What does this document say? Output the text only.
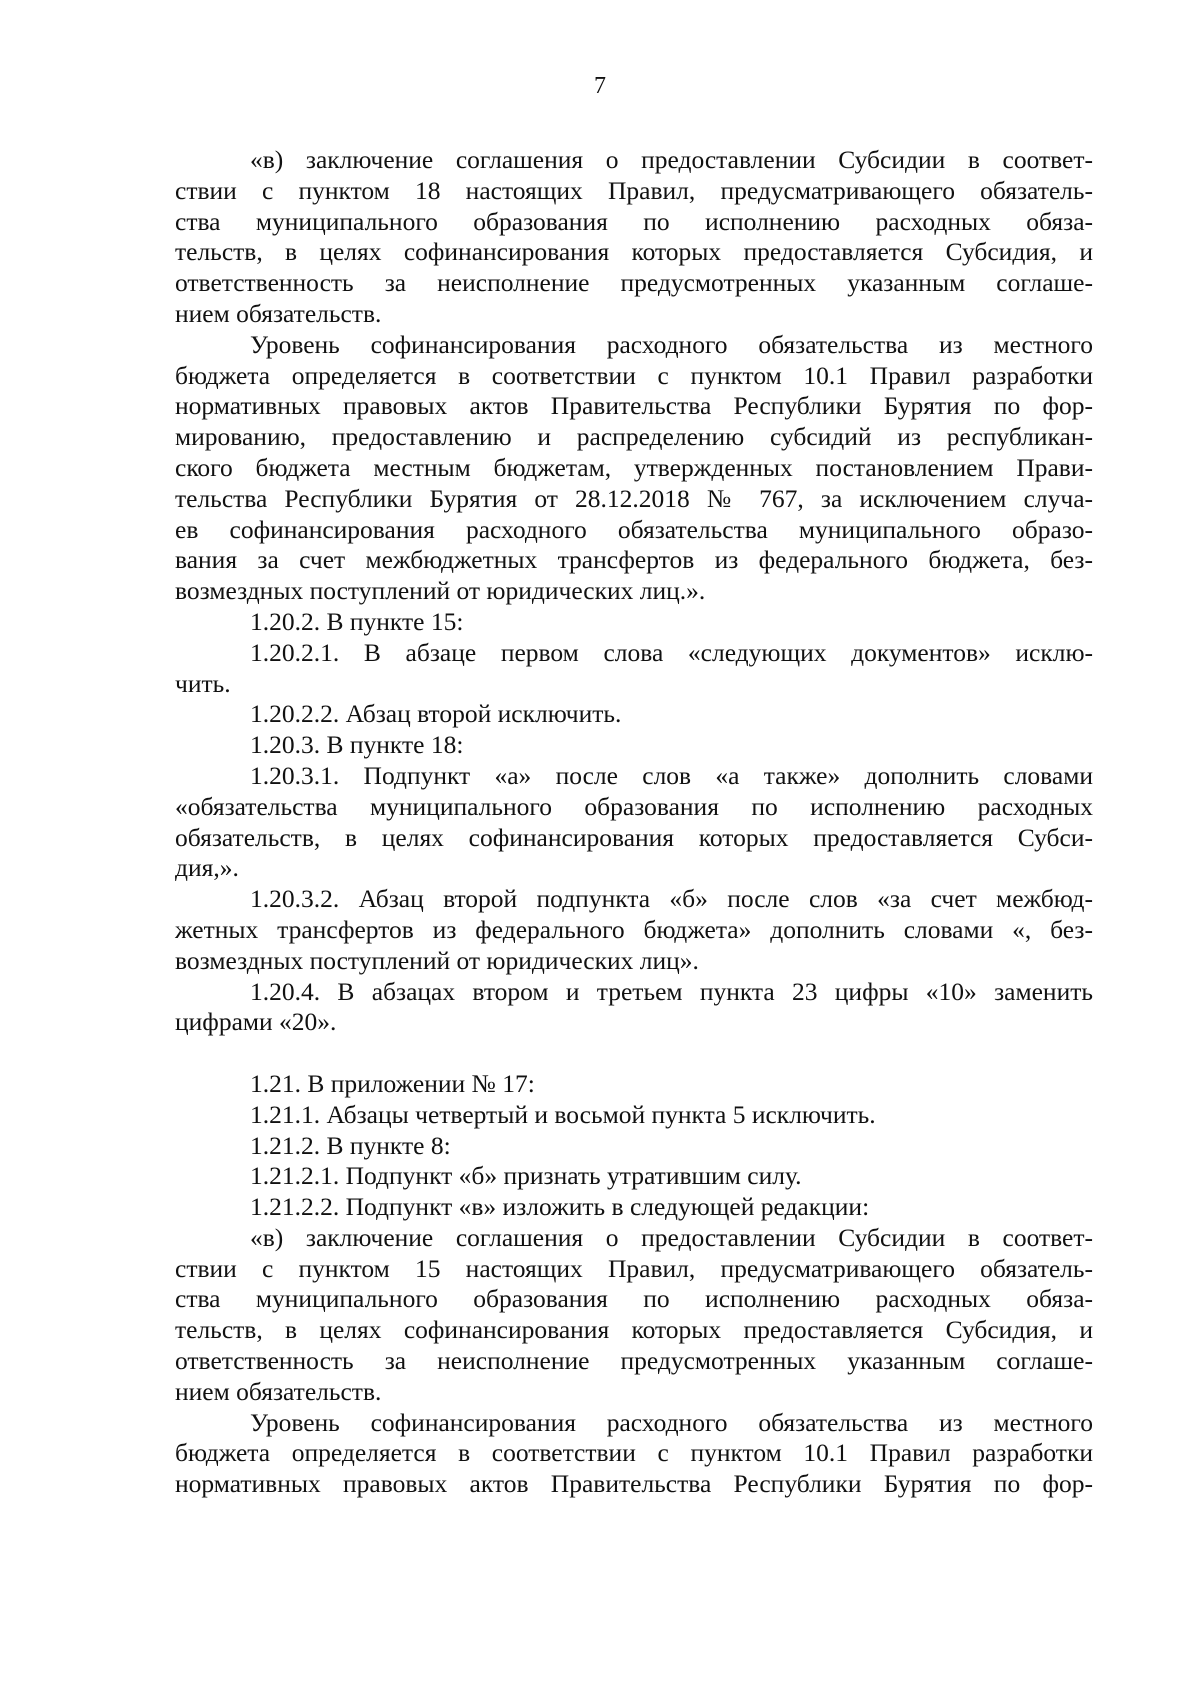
7
«в) заключение соглашения о предоставлении Субсидии в соответ-
ствии с пунктом 18 настоящих Правил, предусматривающего обязатель-
ства муниципального образования по исполнению расходных обяза-
тельств, в целях софинансирования которых предоставляется Субсидия, и
ответственность за неисполнение предусмотренных указанным соглаше-
нием обязательств.
Уровень софинансирования расходного обязательства из местного
бюджета определяется в соответствии с пунктом 10.1 Правил разработки
нормативных правовых актов Правительства Республики Бурятия по фор-
мированию, предоставлению и распределению субсидий из республикан-
ского бюджета местным бюджетам, утвержденных постановлением Прави-
тельства Республики Бурятия от 28.12.2018 № 767, за исключением случа-
ев софинансирования расходного обязательства муниципального образо-
вания за счет межбюджетных трансфертов из федерального бюджета, без-
возмездных поступлений от юридических лиц.».
1.20.2. В пункте 15:
1.20.2.1. В абзаце первом слова «следующих документов» исклю-
чить.
1.20.2.2. Абзац второй исключить.
1.20.3. В пункте 18:
1.20.3.1. Подпункт «а» после слов «а также» дополнить словами
«обязательства муниципального образования по исполнению расходных
обязательств, в целях софинансирования которых предоставляется Субси-
дия,».
1.20.3.2. Абзац второй подпункта «б» после слов «за счет межбюд-
жетных трансфертов из федерального бюджета» дополнить словами «, без-
возмездных поступлений от юридических лиц».
1.20.4. В абзацах втором и третьем пункта 23 цифры «10» заменить
цифрами «20».
1.21. В приложении № 17:
1.21.1. Абзацы четвертый и восьмой пункта 5 исключить.
1.21.2. В пункте 8:
1.21.2.1. Подпункт «б» признать утратившим силу.
1.21.2.2. Подпункт «в» изложить в следующей редакции:
«в) заключение соглашения о предоставлении Субсидии в соответ-
ствии с пунктом 15 настоящих Правил, предусматривающего обязатель-
ства муниципального образования по исполнению расходных обяза-
тельств, в целях софинансирования которых предоставляется Субсидия, и
ответственность за неисполнение предусмотренных указанным соглаше-
нием обязательств.
Уровень софинансирования расходного обязательства из местного
бюджета определяется в соответствии с пунктом 10.1 Правил разработки
нормативных правовых актов Правительства Республики Бурятия по фор-
